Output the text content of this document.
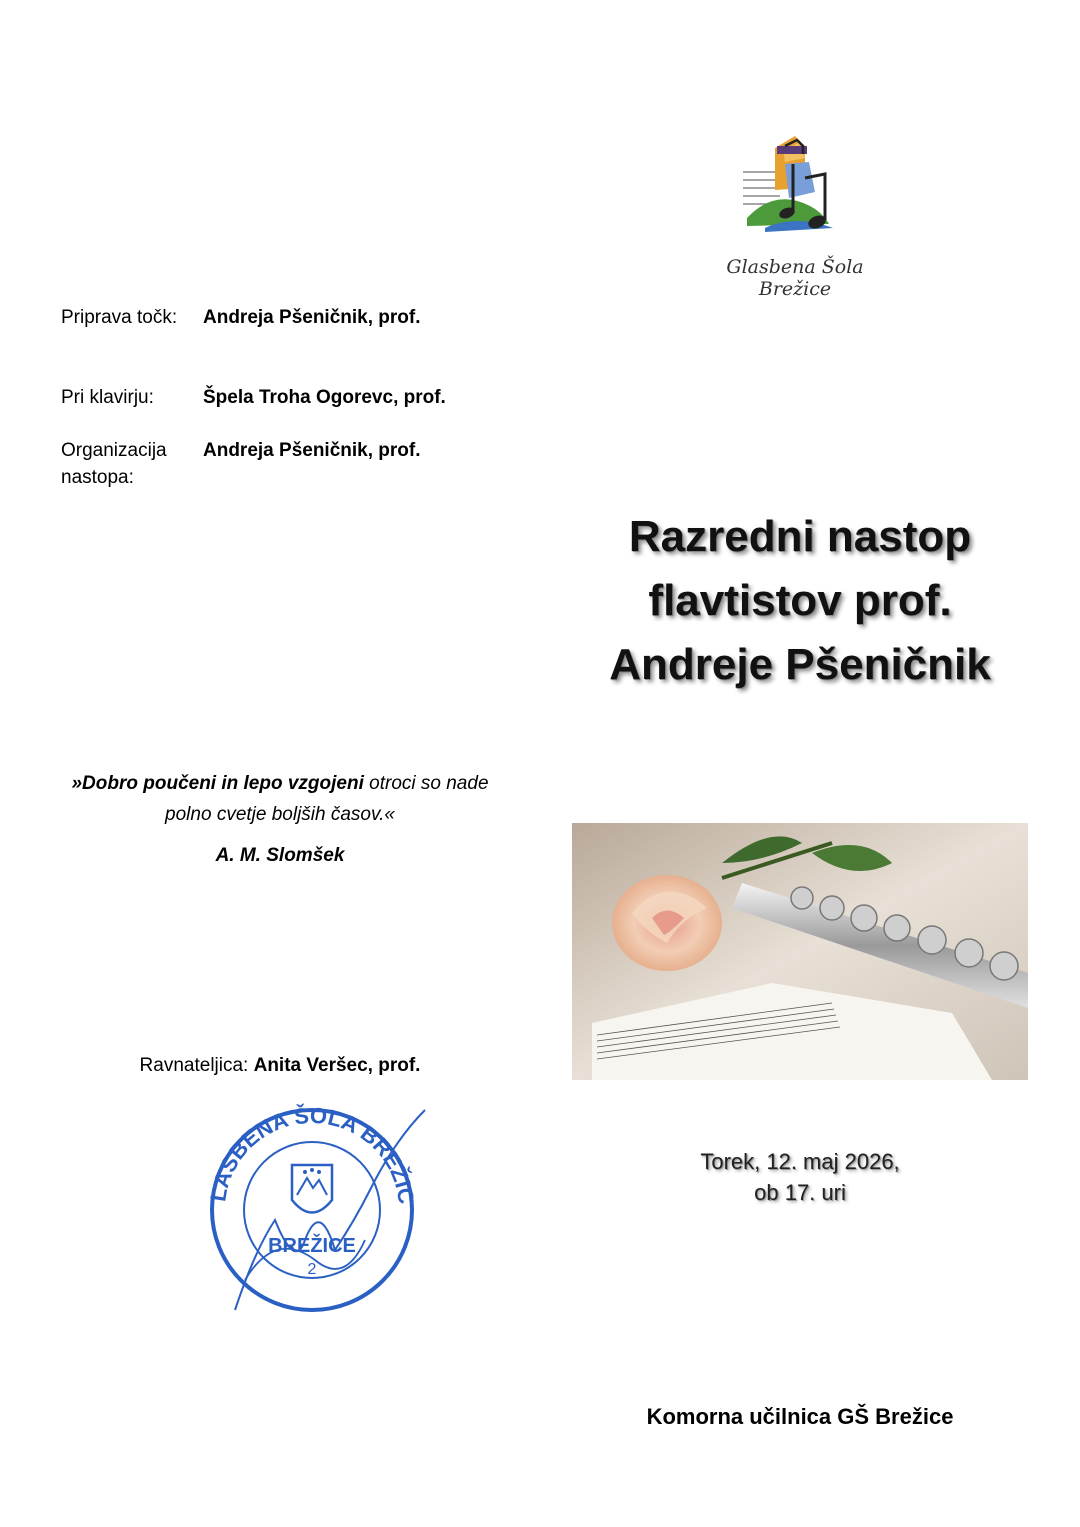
Glasbena Šola Brežice
Priprava točk:	Andreja Pšeničnik, prof.
Pri klavirju:	Špela Troha Ogorevc, prof.
Organizacija nastopa:
Andreja Pšeničnik, prof.
Razredni nastop
flavtistov prof.
Andreje Pšeničnik
»Dobro poučeni in lepo vzgojeni otroci so nade
polno cvetje boljših časov.«
A. M. Slomšek
Ravnateljica: Anita Veršec, prof.
LASBENA ŠOLA BREŽIC
BREŽICE
2
Torek, 12. maj 2026,
ob 17. uri
Komorna učilnica GŠ Brežice
